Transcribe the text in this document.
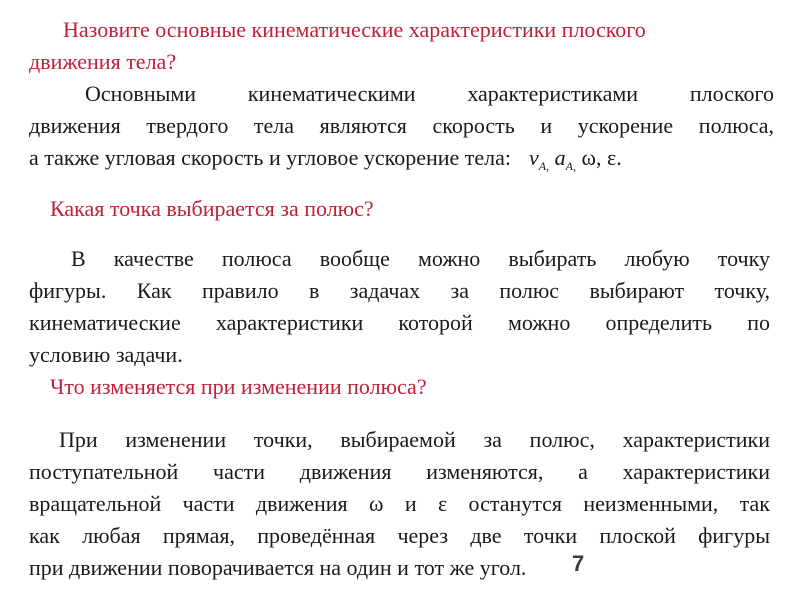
Назовите основные кинематические характеристики плоского
движения тела?
Основными кинематическими характеристиками плоского
движения твердого тела являются скорость и ускорение полюса,
а также угловая скорость и угловое ускорение тела: $v_{A,}$ $a_{A,}$ ω, ε.
Какая точка выбирается за полюс?
В качестве полюса вообще можно выбирать любую точку
фигуры. Как правило в задачах за полюс выбирают точку,
кинематические характеристики которой можно определить по
условию задачи.
Что изменяется при изменении полюса?
При изменении точки, выбираемой за полюс, характеристики
поступательной части движения изменяются, а характеристики
вращательной части движения ω и ε останутся неизменными, так
как любая прямая, проведённая через две точки плоской фигуры
при движении поворачивается на один и тот же угол.	7
